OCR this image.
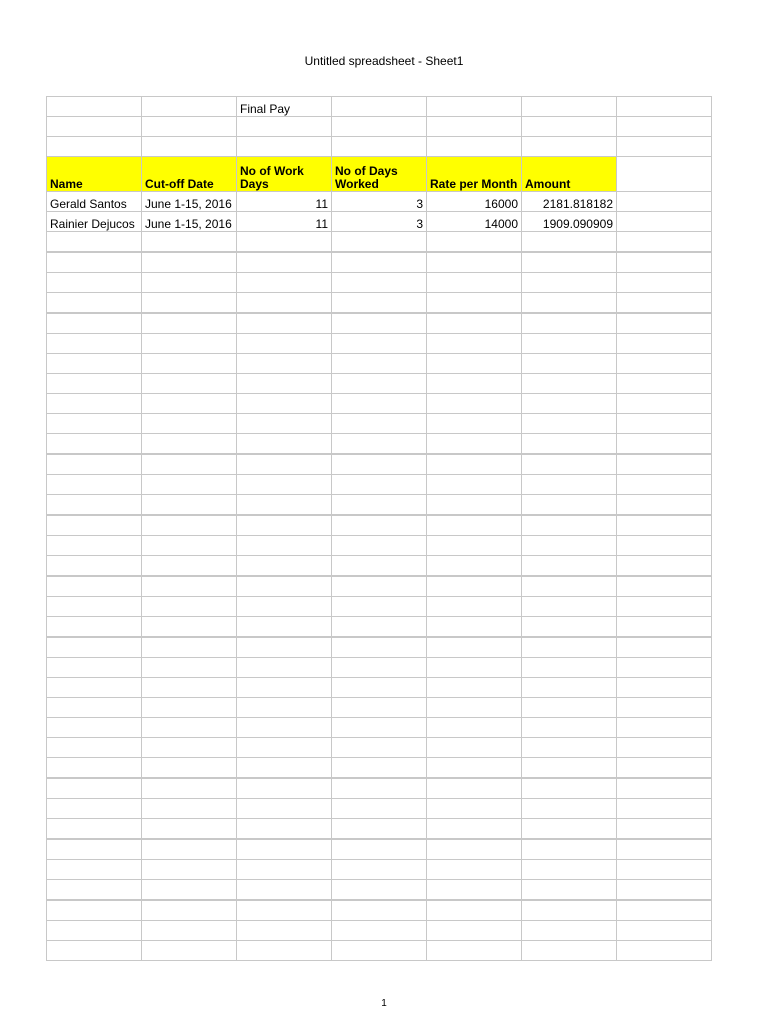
Untitled spreadsheet - Sheet1
		Final Pay				

Name	Cut-off Date	No of Work Days	No of Days Worked	Rate per Month	Amount	
Gerald Santos	June 1-15, 2016	11	3	16000	2181.818182	
Rainier Dejucos	June 1-15, 2016	11	3	14000	1909.090909	

1
